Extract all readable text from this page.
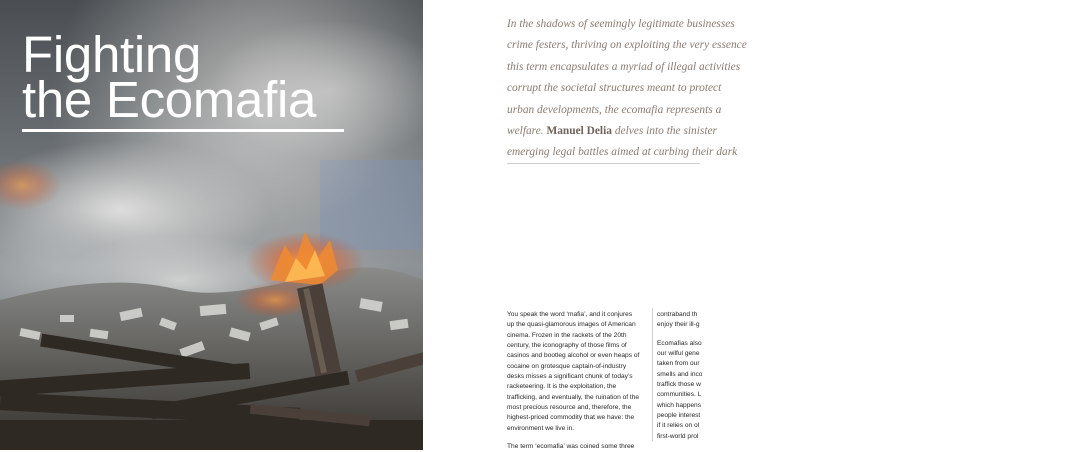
Fighting
the Ecomafia

In the shadows of seemingly legitimate businesses
crime festers, thriving on exploiting the very essence
this term encapsulates a myriad of illegal activities
corrupt the societal structures meant to protect
urban developments, the ecomafia represents a
welfare. Manuel Delia delves into the sinister
emerging legal battles aimed at curbing their dark

You speak the word ‘mafia’, and it conjures
up the quasi-glamorous images of American
cinema. Frozen in the rackets of the 20th
century, the iconography of those films of
casinos and bootleg alcohol or even heaps of
cocaine on grotesque captain-of-industry
desks misses a significant chunk of today’s
racketeering. It is the exploitation, the
trafficking, and eventually, the ruination of the
most precious resource and, therefore, the
highest-priced commodity that we have: the
environment we live in.
The term ‘ecomafia’ was coined some three
contraband th
enjoy their ill-g
Ecomafias also
our wilful gene
taken from our
smells and inco
traffick those w
communities. L
which happens
people interest
if it relies on ol
first-world prol
